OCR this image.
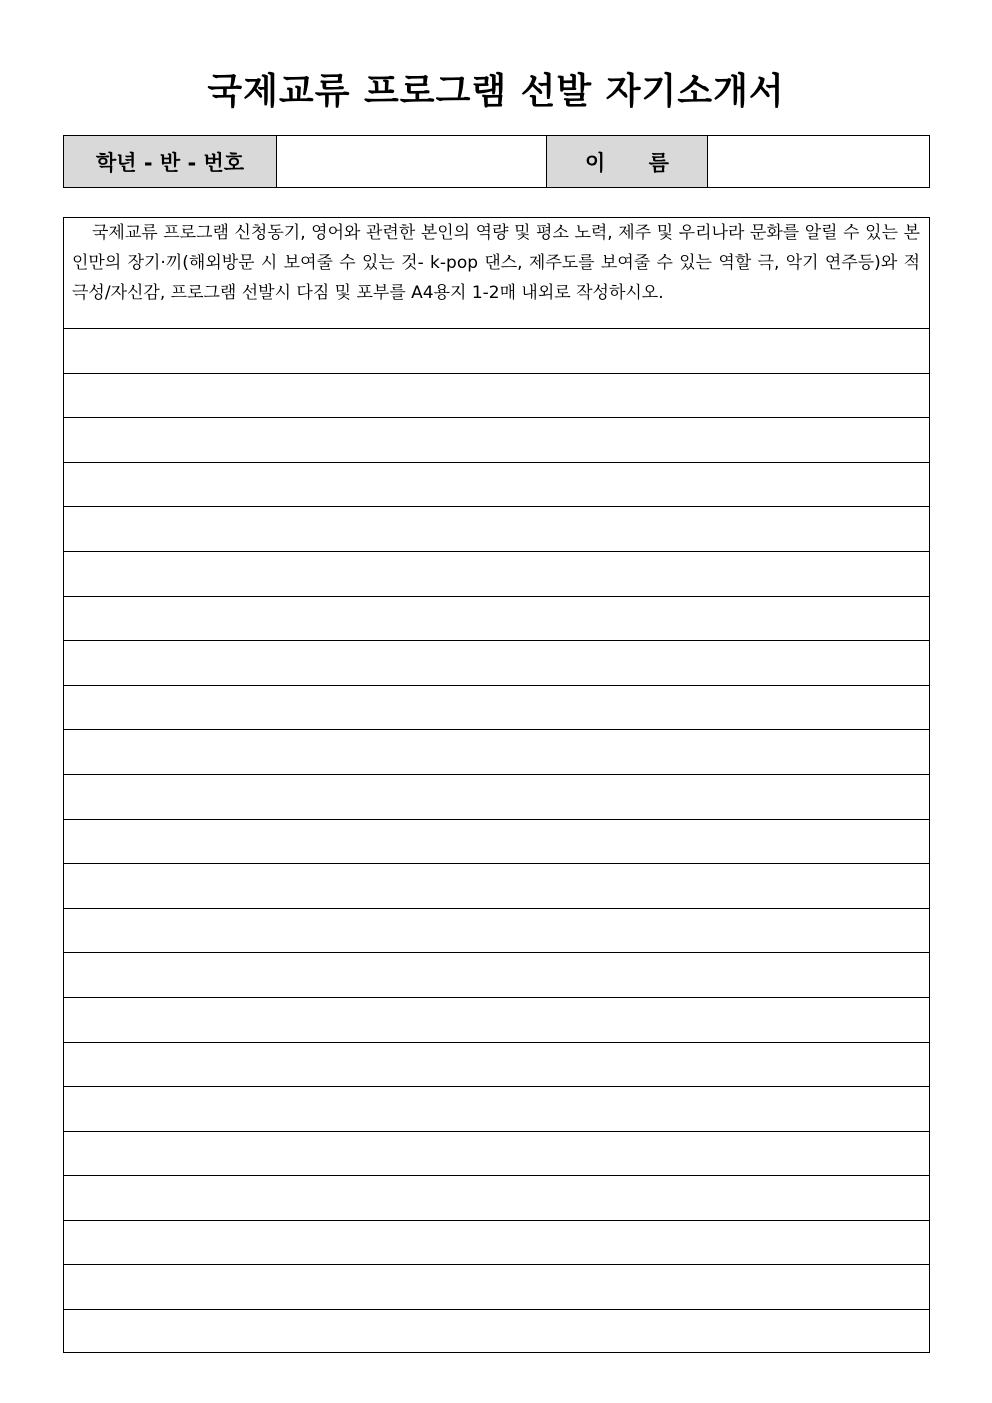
국제교류 프로그램 선발 자기소개서
학년 - 반 - 번호	이 름
국제교류 프로그램 신청동기, 영어와 관련한 본인의 역량 및 평소 노력, 제주 및 우리나라 문화를 알릴 수 있는 본인만의 장기·끼(해외방문 시 보여줄 수 있는 것- k-pop 댄스, 제주도를 보여줄 수 있는 역할 극, 악기 연주등)와 적극성/자신감, 프로그램 선발시 다짐 및 포부를 A4용지 1-2매 내외로 작성하시오.
